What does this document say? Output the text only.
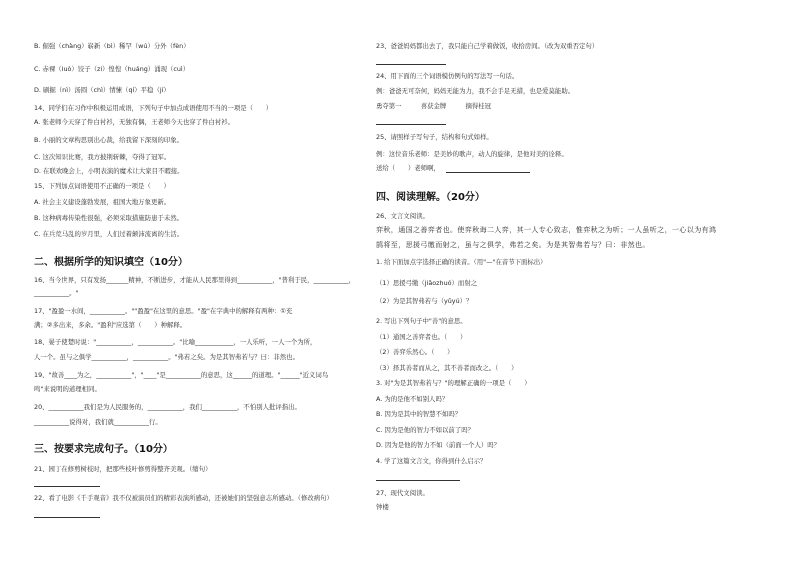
B. 倔强（chàng）崭新（bì）稀罕（wú）分外（fèn）
C. 赤裸（luò）饺子（zi）惶惶（huáng）涌现（cuì）
D. 刷掘（nì）汤圆（chì）情愫（qí）平稳（jí）
14、同学们在习作中积极运用成语，下列句子中加点成语使用不当的一项是（　　）
A. 张老师今天穿了件白衬衫，无独有偶，王老师今天也穿了件白衬衫。
B. 小丽的文章构思别出心裁，给我留下深刻的印象。
C. 这次知识比赛，我方披荆斩棘，夺得了冠军。
D. 在联欢晚会上，小明表演的魔术让大家目不暇接。
15、下列加点词语使用不正确的一项是（　　）
A. 社会主义建设蓬勃发展，祖国大地万象更新。
B. 这种病毒传染性很强，必须采取措施防患于未然。
C. 在兵荒马乱的岁月里，人们过着颠沛流离的生活。
二、根据所学的知识填空（10分）
16、当今世界，只有发扬_______精神，不断进步，才能从人民那里得到___________，"普利于民，___________，
___________。"
17、"盈盈一水间，___________。""盈盈"在这里的意思。"盈"在字典中的解释有两种：①充
满；②多出来，多余。"盈利"应选第（　　）种解释。
18、晏子使楚时说："___________，___________。"比喻____________，一人乐听，一人一个为所，
人一个。虽与之俱学___________，___________。"弗若之矣。为是其智弗若与？曰：非然也。
19、"故善____为之，___________"，"____"是___________的意思，这______的道理。"______"近义词鸟
鸣"来说明的道理相同。
20、___________我们是为人民服务的，___________，我们___________，不怕别人批评指出。
___________说得对，我们就___________行。
三、按要求完成句子。（10分）
21、园丁在修剪树枝时，把那些枝叶修剪得整齐美观。（缩句）
22、看了电影《千手观音》我不仅被演员们的精彩表演所感动，还被她们的坚强意志所感动。（修改病句）
23、爸爸妈妈都出去了，我只能自己学着做饭，收拾房间。（改为双重否定句）
24、用下面的三个词语模仿例句的写法写一句话。
例：爸爸无可奈何，妈妈无能为力，我不会手足无措，也是爱莫能助。
勇夺第一　　　喜获金牌　　　摘得桂冠
25、请照样子写句子，结构和句式如样。
例：这位音乐老师：是美妙的歌声，动人的旋律，是他对美的诠释。
送给（　　）老师啊，
四、阅读理解。（20分）
26、文言文阅读。
弈秋，通国之善弈者也。使弈秋诲二人弈，其一人专心致志，惟弈秋之为听；一人虽听之，一心以为有鸿
鹄将至，思援弓缴而射之，虽与之俱学，弗若之矣。为是其智弗若与？曰：非然也。
1. 给下面加点字选择正确的读音。（用"—"在音节下面标出）
（1）思援弓缴（jiǎozhuó）而射之
（2）为是其智弗若与（yǔyú）？
2. 写出下列句子中"善"的意思。
（1）通国之善弈者也。（　　）
（2）善弈乐然心。（　　）
（3）择其善者而从之，其不善者而改之。（　　）
3. 对"为是其智弗若与？"的理解正确的一项是（　　）
A. 为的是他不如别人吗？
B. 因为是其中的智慧不如吗？
C. 因为是他的智力不如以前了吗？
D. 因为是他的智力不如（前面一个人）吗？
4. 学了这篇文言文，你得到什么启示？
27、现代文阅读。
钟楼
